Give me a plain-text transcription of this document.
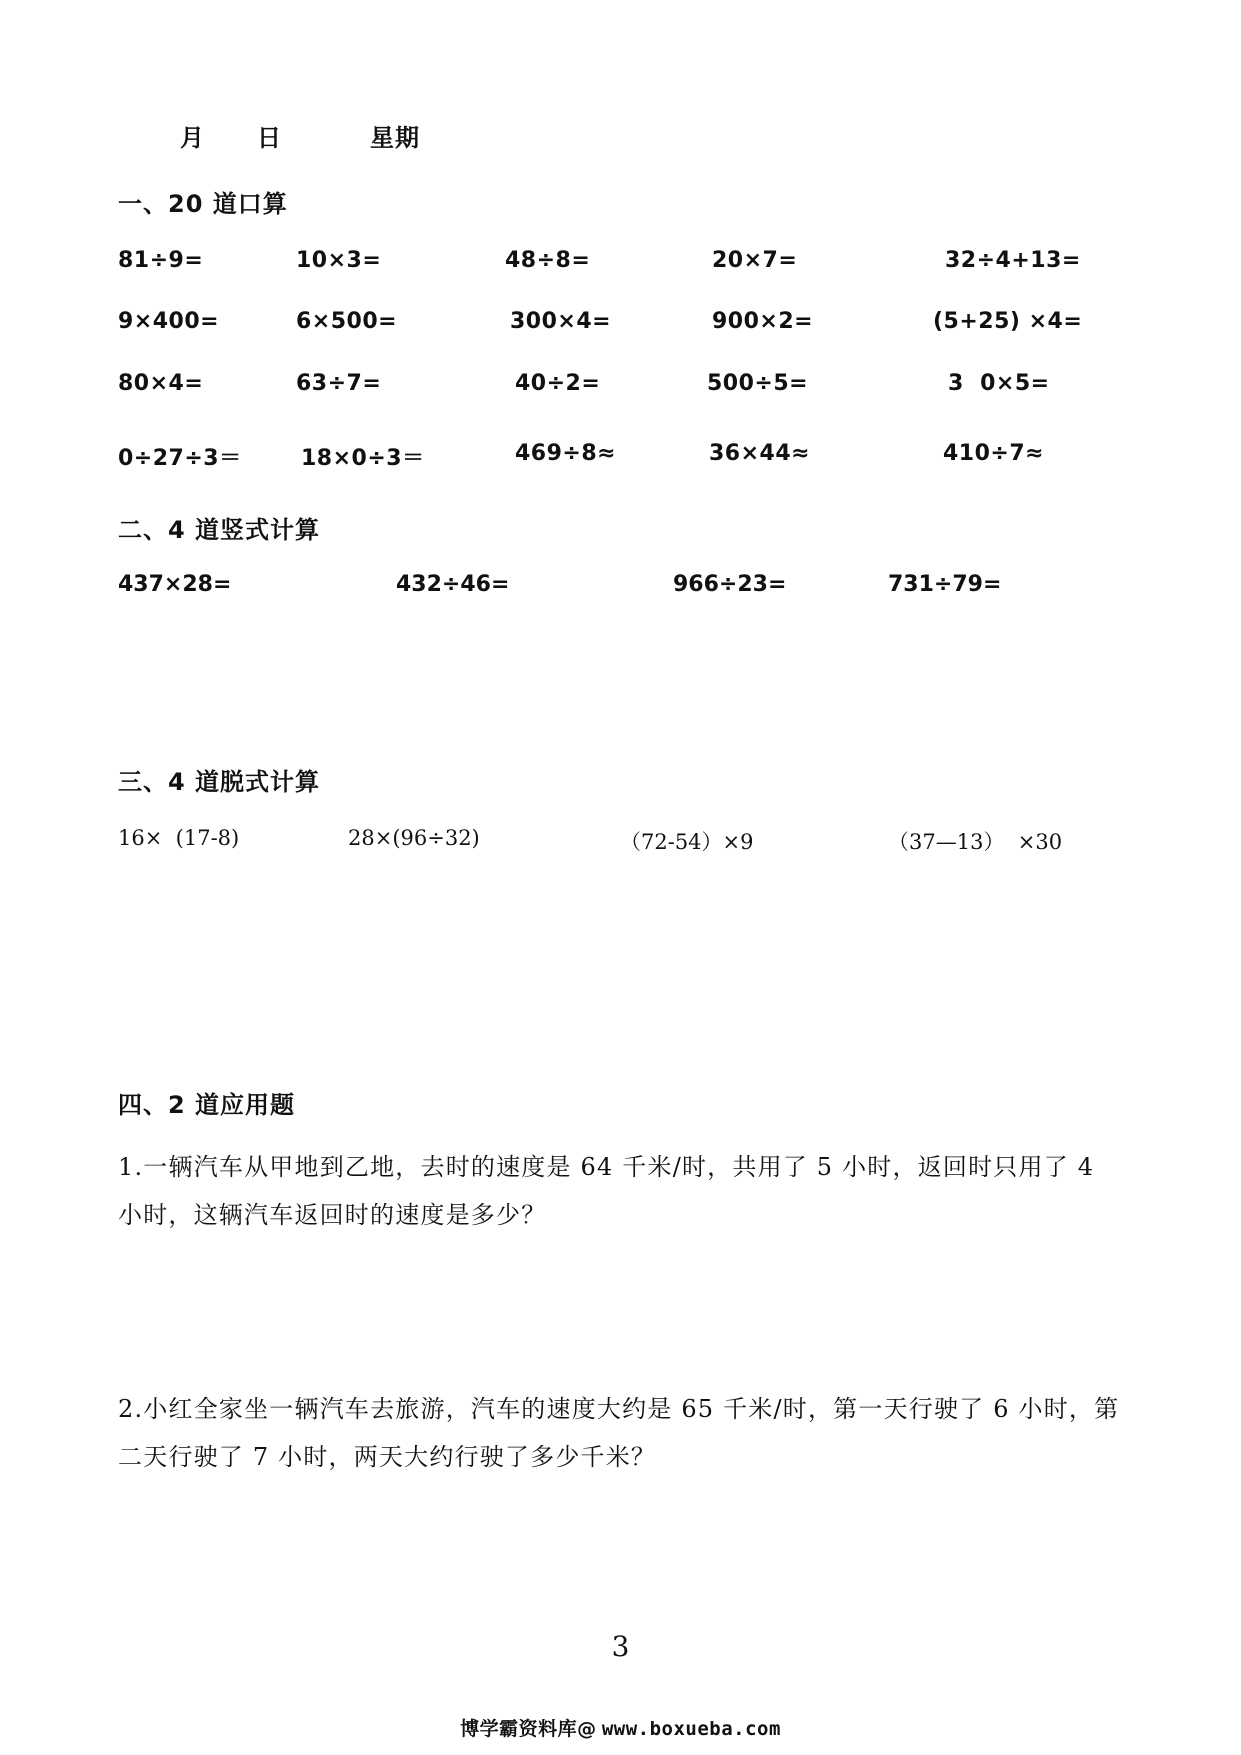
月 日	星期
一、20 道口算
81÷9=	10×3=	48÷8=	20×7=	32÷4+13=
9×400=	6×500=	300×4=	900×2=	(5+25) ×4=
80×4=	63÷7=	40÷2=	500÷5=	3  0×5=
0÷27÷3＝	18×0÷3＝	469÷8≈	36×44≈	410÷7≈
二、4 道竖式计算
437×28=	432÷46=	966÷23=	731÷79=
三、4 道脱式计算
16×  (17-8)	28×(96÷32)	（72-54）×9	（37—13）  ×30
四、2 道应用题
1.一辆汽车从甲地到乙地，去时的速度是 64 千米/时，共用了 5 小时，返回时只用了 4 小时，这辆汽车返回时的速度是多少？
2.小红全家坐一辆汽车去旅游，汽车的速度大约是 65 千米/时，第一天行驶了 6 小时，第二天行驶了 7 小时，两天大约行驶了多少千米？
3
博学霸资料库@ www.boxueba.com
